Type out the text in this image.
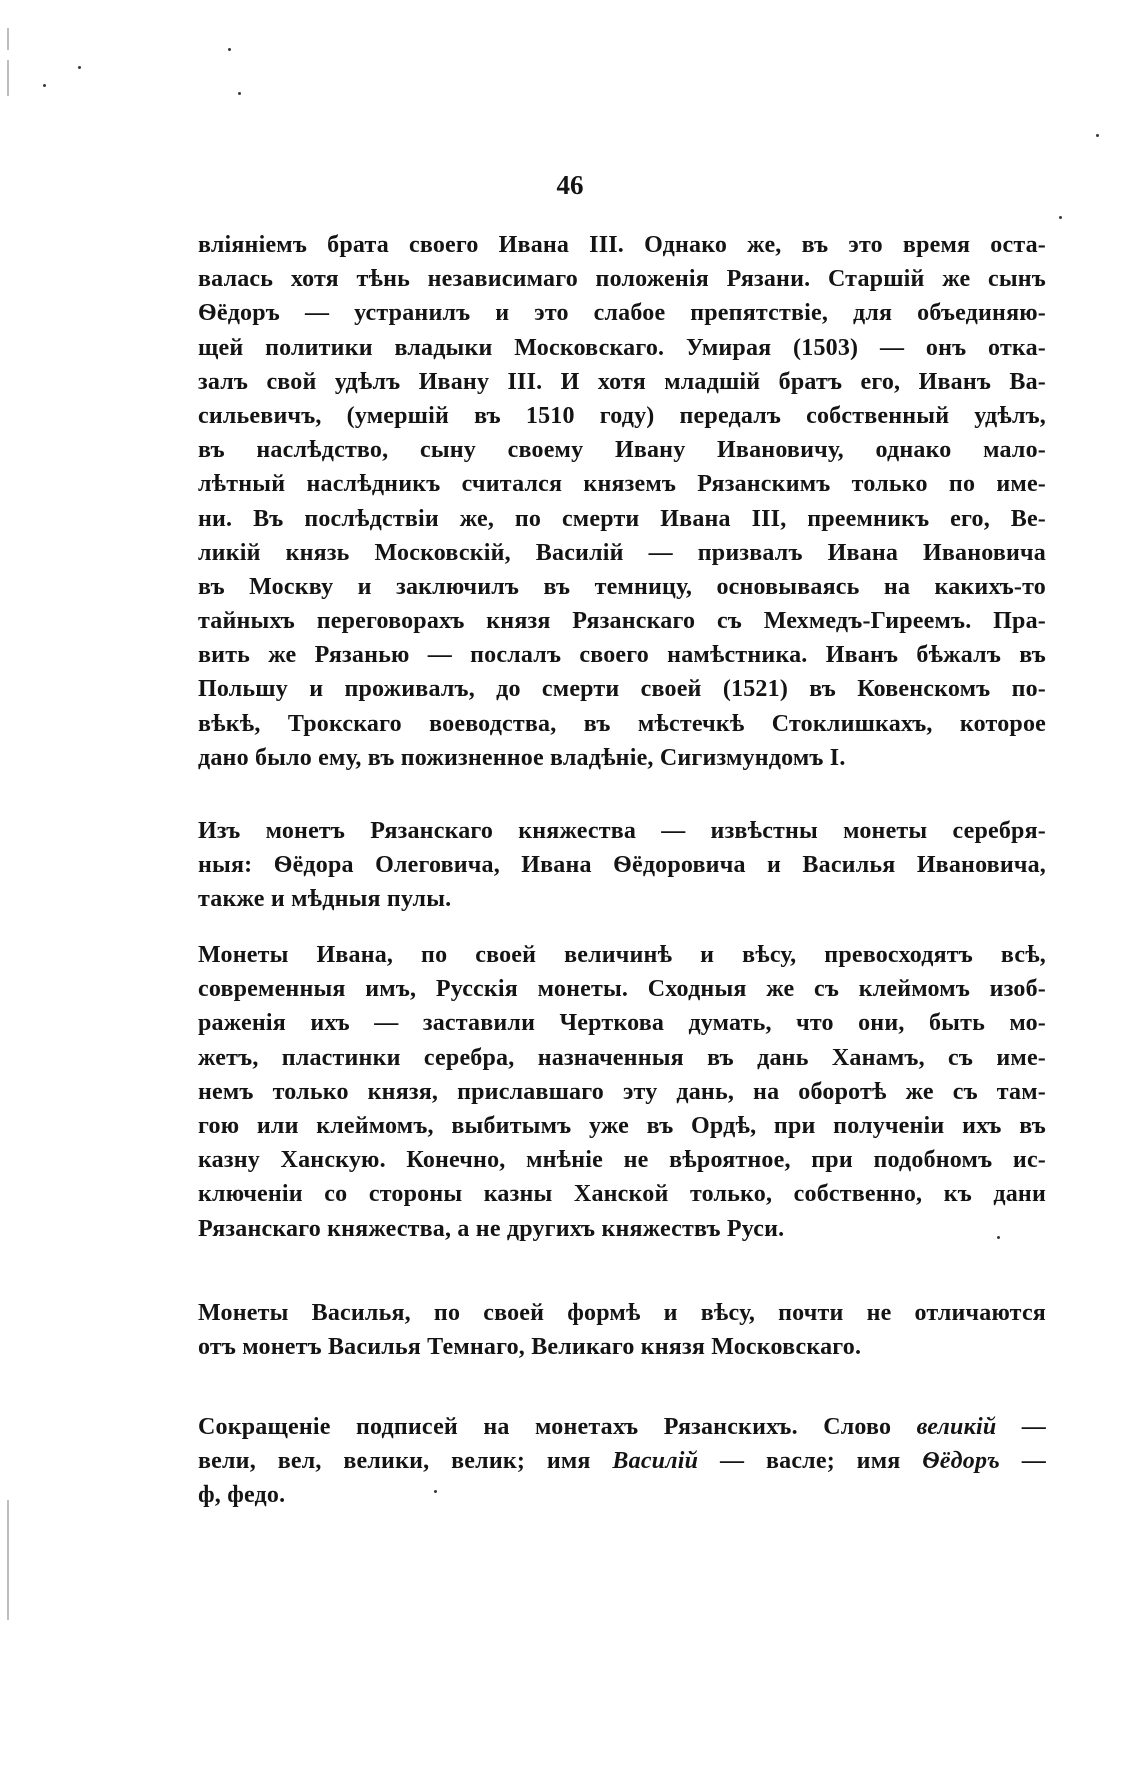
46
вліяніемъ брата своего Ивана III. Однако же, въ это время оста-
валась хотя тѣнь независимаго положенія Рязани. Старшій же сынъ
Ѳёдоръ — устранилъ и это слабое препятствіе, для объединяю-
щей политики владыки Московскаго. Умирая (1503) — онъ отка-
залъ свой удѣлъ Ивану III. И хотя младшій братъ его, Иванъ Ва-
сильевичъ, (умершій въ 1510 году) передалъ собственный удѣлъ,
въ наслѣдство, сыну своему Ивану Ивановичу, однако мало-
лѣтный наслѣдникъ считался княземъ Рязанскимъ только по име-
ни. Въ послѣдствіи же, по смерти Ивана III, преемникъ его, Ве-
ликій князь Московскій, Василій — призвалъ Ивана Ивановича
въ Москву и заключилъ въ темницу, основываясь на какихъ-то
тайныхъ переговорахъ князя Рязанскаго съ Мехмедъ-Гиреемъ. Пра-
вить же Рязанью — послалъ своего намѣстника. Иванъ бѣжалъ въ
Польшу и проживалъ, до смерти своей (1521) въ Ковенскомъ по-
вѣкѣ, Трокскаго воеводства, въ мѣстечкѣ Стоклишкахъ, которое
дано было ему, въ пожизненное владѣніе, Сигизмундомъ I.
Изъ монетъ Рязанскаго княжества — извѣстны монеты серебря-
ныя: Ѳёдора Олеговича, Ивана Ѳёдоровича и Василья Ивановича,
также и мѣдныя пулы.
Монеты Ивана, по своей величинѣ и вѣсу, превосходятъ всѣ,
современныя имъ, Русскія монеты. Сходныя же съ клеймомъ изоб-
раженія ихъ — заставили Черткова думать, что они, быть мо-
жетъ, пластинки серебра, назначенныя въ дань Ханамъ, съ име-
немъ только князя, приславшаго эту дань, на оборотѣ же съ там-
гою или клеймомъ, выбитымъ уже въ Ордѣ, при полученіи ихъ въ
казну Ханскую. Конечно, мнѣніе не вѣроятное, при подобномъ ис-
ключеніи со стороны казны Ханской только, собственно, къ дани
Рязанскаго княжества, а не другихъ княжествъ Руси.
Монеты Василья, по своей формѣ и вѣсу, почти не отличаются
отъ монетъ Василья Темнаго, Великаго князя Московскаго.
Сокращеніе подписей на монетахъ Рязанскихъ. Слово великій —
вели, вел, велики, велик; имя Василій — васле; имя Ѳёдоръ —
ф, федо.
